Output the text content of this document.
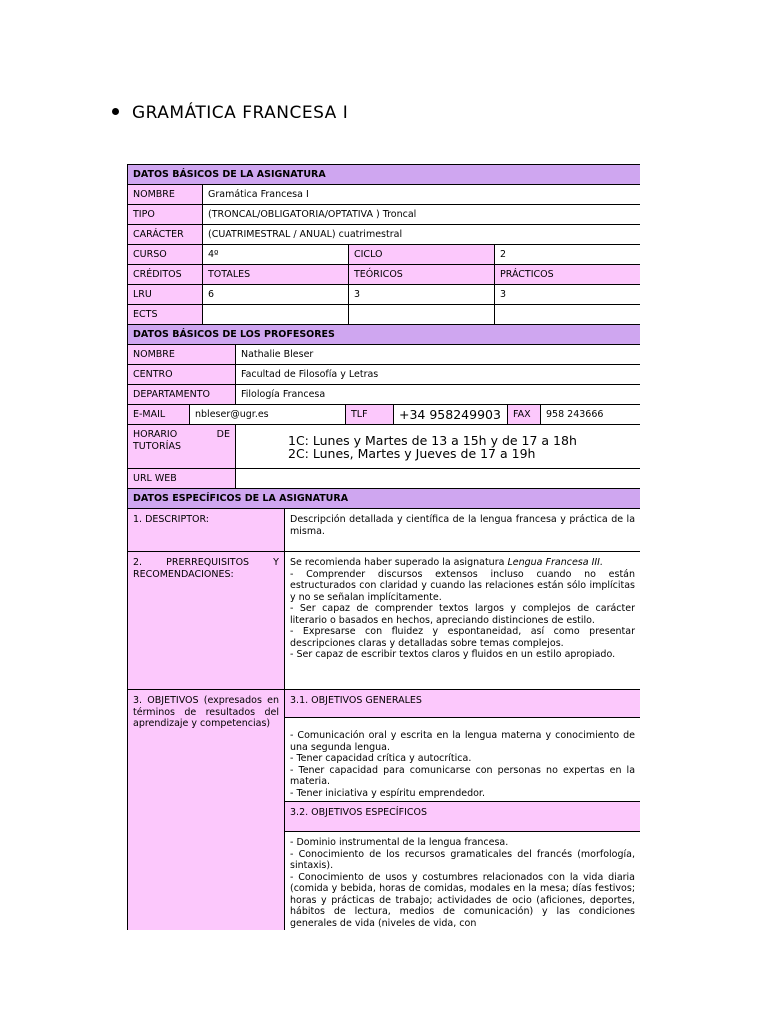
GRAMÁTICA FRANCESA I
DATOS BÁSICOS DE LA ASIGNATURA			
NOMBRE	Gramática Francesa I		
TIPO	(TRONCAL/OBLIGATORIA/OPTATIVA ) Troncal		
CARÁCTER	(CUATRIMESTRAL / ANUAL) cuatrimestral		
CURSO	4º	CICLO	2
CRÉDITOS	TOTALES	TEÓRICOS	PRÁCTICOS
LRU	6	3	3
ECTS			
DATOS BÁSICOS DE LOS PROFESORES						
NOMBRE		Nathalie Bleser				
CENTRO		Facultad de Filosofía y Letras				
DEPARTAMENTO		Filología Francesa				
E-MAIL	nbleser@ugr.es		TLF	+34 958249903	FAX	958 243666
HORARIO DE TUTORÍAS		1C: Lunes y Martes de 13 a 15h y de 17 a 18h
2C: Lunes, Martes y Jueves de 17 a 19h				

URL WEB						
DATOS ESPECÍFICOS DE LA ASIGNATURA	
1. DESCRIPTOR:	Descripción detallada y científica de la lengua francesa y práctica de la misma.
2. PRERREQUISITOS Y RECOMENDACIONES:	Se recomienda haber superado la asignatura Lengua Francesa III.
- Comprender discursos extensos incluso cuando no están estructurados con claridad y cuando las relaciones están sólo implícitas y no se señalan implícitamente.
- Ser capaz de comprender textos largos y complejos de carácter literario o basados en hechos, apreciando distinciones de estilo.
- Expresarse con fluidez y espontaneidad, así como presentar descripciones claras y detalladas sobre temas complejos.
- Ser capaz de escribir textos claros y fluidos en un estilo apropiado.

3. OBJETIVOS (expresados en términos de resultados del aprendizaje y competencias)	3.1. OBJETIVOS GENERALES

	- Comunicación oral y escrita en la lengua materna y conocimiento de una segunda lengua.
- Tener capacidad crítica y autocrítica.
- Tener capacidad para comunicarse con personas no expertas en la materia.
- Tener iniciativa y espíritu emprendedor.

	3.2. OBJETIVOS ESPECÍFICOS

	- Dominio instrumental de la lengua francesa.
- Conocimiento de los recursos gramaticales del francés (morfología, sintaxis).
- Conocimiento de usos y costumbres relacionados con la vida diaria (comida y bebida, horas de comidas, modales en la mesa; días festivos; horas y prácticas de trabajo; actividades de ocio (aficiones, deportes, hábitos de lectura, medios de comunicación) y las condiciones generales de vida (niveles de vida, con
